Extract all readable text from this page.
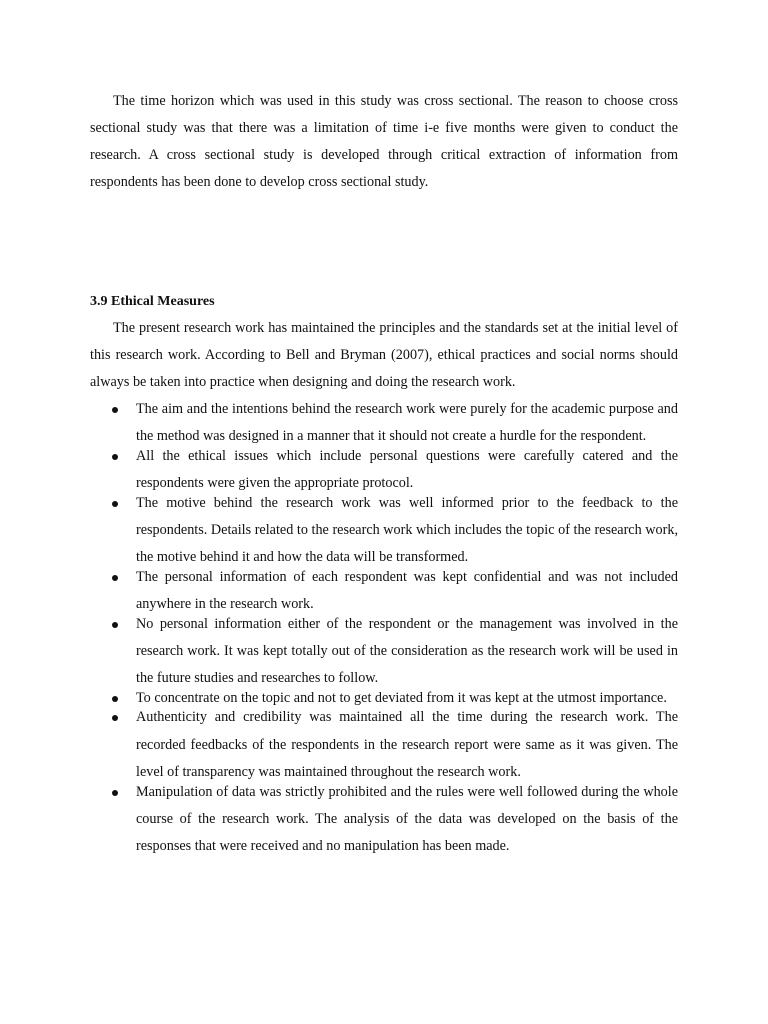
The time horizon which was used in this study was cross sectional. The reason to choose cross sectional study was that there was a limitation of time i-e five months were given to conduct the research. A cross sectional study is developed through critical extraction of information from respondents has been done to develop cross sectional study.

3.9 Ethical Measures

The present research work has maintained the principles and the standards set at the initial level of this research work. According to Bell and Bryman (2007), ethical practices and social norms should always be taken into practice when designing and doing the research work.

The aim and the intentions behind the research work were purely for the academic purpose and the method was designed in a manner that it should not create a hurdle for the respondent.
All the ethical issues which include personal questions were carefully catered and the respondents were given the appropriate protocol.
The motive behind the research work was well informed prior to the feedback to the respondents. Details related to the research work which includes the topic of the research work, the motive behind it and how the data will be transformed.
The personal information of each respondent was kept confidential and was not included anywhere in the research work.
No personal information either of the respondent or the management was involved in the research work. It was kept totally out of the consideration as the research work will be used in the future studies and researches to follow.
To concentrate on the topic and not to get deviated from it was kept at the utmost importance.
Authenticity and credibility was maintained all the time during the research work. The recorded feedbacks of the respondents in the research report were same as it was given. The level of transparency was maintained throughout the research work.
Manipulation of data was strictly prohibited and the rules were well followed during the whole course of the research work. The analysis of the data was developed on the basis of the responses that were received and no manipulation has been made.
